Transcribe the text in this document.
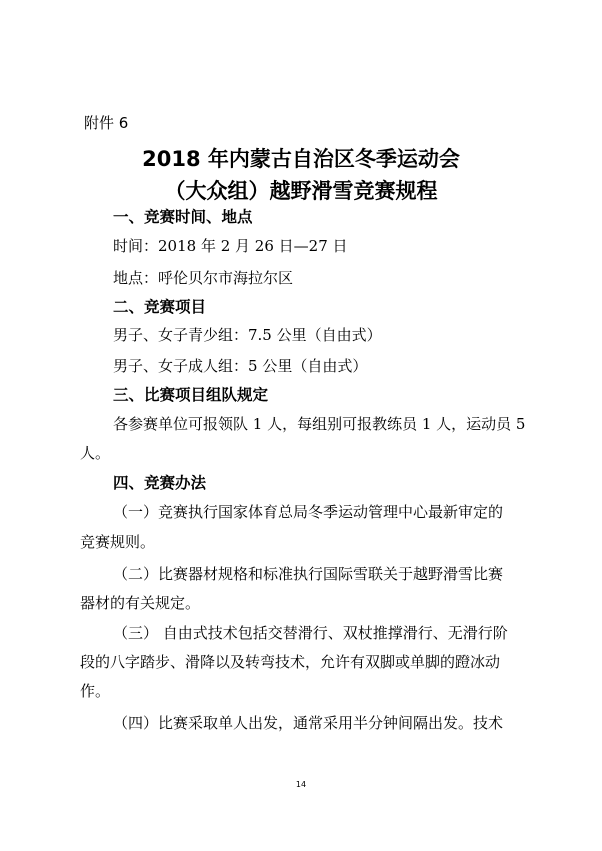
附件 6
2018 年内蒙古自治区冬季运动会
（大众组）越野滑雪竞赛规程
一、竞赛时间、地点
时间：2018 年 2 月 26 日—27 日
地点：呼伦贝尔市海拉尔区
二、竞赛项目
男子、女子青少组：7.5 公里（自由式）
男子、女子成人组：5 公里（自由式）
三、比赛项目组队规定
各参赛单位可报领队 1 人，每组别可报教练员 1 人，运动员 5
人。
四、竞赛办法
（一）竞赛执行国家体育总局冬季运动管理中心最新审定的
竞赛规则。
（二）比赛器材规格和标准执行国际雪联关于越野滑雪比赛
器材的有关规定。
（三） 自由式技术包括交替滑行、双杖推撑滑行、无滑行阶
段的八字踏步、滑降以及转弯技术，允许有双脚或单脚的蹬冰动
作。
（四）比赛采取单人出发，通常采用半分钟间隔出发。技术
14
